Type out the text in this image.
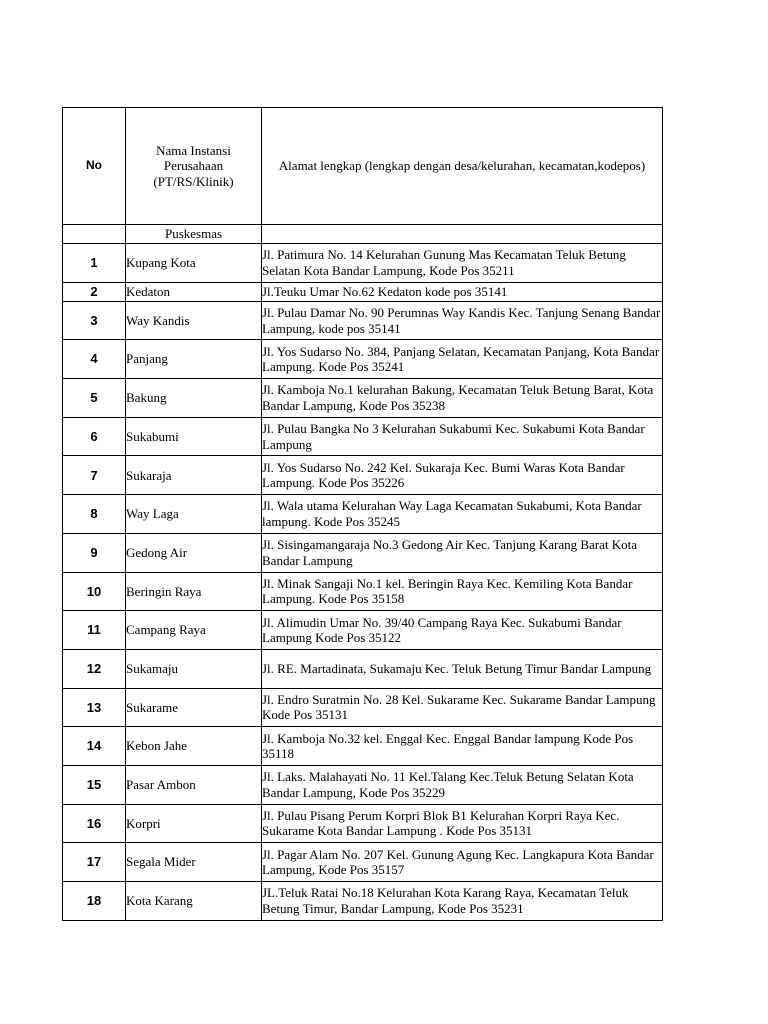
No	Nama Instansi Perusahaan (PT/RS/Klinik)	Alamat lengkap (lengkap dengan desa/kelurahan, kecamatan,kodepos)
	Puskesmas	
1	Kupang Kota	Jl. Patimura No. 14 Kelurahan Gunung Mas Kecamatan Teluk Betung Selatan Kota Bandar Lampung, Kode Pos 35211
2	Kedaton	Jl.Teuku Umar No.62 Kedaton kode pos 35141
3	Way Kandis	Jl. Pulau Damar No. 90 Perumnas Way Kandis Kec. Tanjung Senang Bandar Lampung, kode pos 35141
4	Panjang	Jl. Yos Sudarso No. 384, Panjang Selatan, Kecamatan Panjang, Kota Bandar Lampung. Kode Pos 35241
5	Bakung	Jl. Kamboja No.1 kelurahan Bakung, Kecamatan Teluk Betung Barat, Kota Bandar Lampung, Kode Pos 35238
6	Sukabumi	Jl. Pulau Bangka No 3 Kelurahan Sukabumi Kec. Sukabumi Kota Bandar Lampung
7	Sukaraja	Jl. Yos Sudarso No. 242 Kel. Sukaraja Kec. Bumi Waras Kota Bandar Lampung. Kode Pos 35226
8	Way Laga	Jl. Wala utama Kelurahan Way Laga Kecamatan Sukabumi, Kota Bandar lampung. Kode Pos 35245
9	Gedong Air	Jl. Sisingamangaraja No.3 Gedong Air Kec. Tanjung Karang Barat Kota Bandar Lampung
10	Beringin Raya	Jl. Minak Sangaji No.1 kel. Beringin Raya Kec. Kemiling Kota Bandar Lampung. Kode Pos 35158
11	Campang Raya	Jl. Alimudin Umar No. 39/40 Campang Raya Kec. Sukabumi Bandar Lampung Kode Pos 35122
12	Sukamaju	Jl. RE. Martadinata, Sukamaju Kec. Teluk Betung Timur Bandar Lampung
13	Sukarame	Jl. Endro Suratmin No. 28 Kel. Sukarame Kec. Sukarame Bandar Lampung Kode Pos 35131
14	Kebon Jahe	Jl. Kamboja No.32 kel. Enggal Kec. Enggal Bandar lampung Kode Pos 35118
15	Pasar Ambon	Jl. Laks. Malahayati No. 11 Kel.Talang Kec.Teluk Betung Selatan Kota Bandar Lampung, Kode Pos 35229
16	Korpri	Jl. Pulau Pisang Perum Korpri Blok B1 Kelurahan Korpri Raya Kec. Sukarame Kota Bandar Lampung . Kode Pos 35131
17	Segala Mider	Jl. Pagar Alam No. 207 Kel. Gunung Agung Kec. Langkapura Kota Bandar Lampung, Kode Pos 35157
18	Kota Karang	JL.Teluk Ratai No.18 Kelurahan Kota Karang Raya, Kecamatan Teluk Betung Timur, Bandar Lampung, Kode Pos 35231
